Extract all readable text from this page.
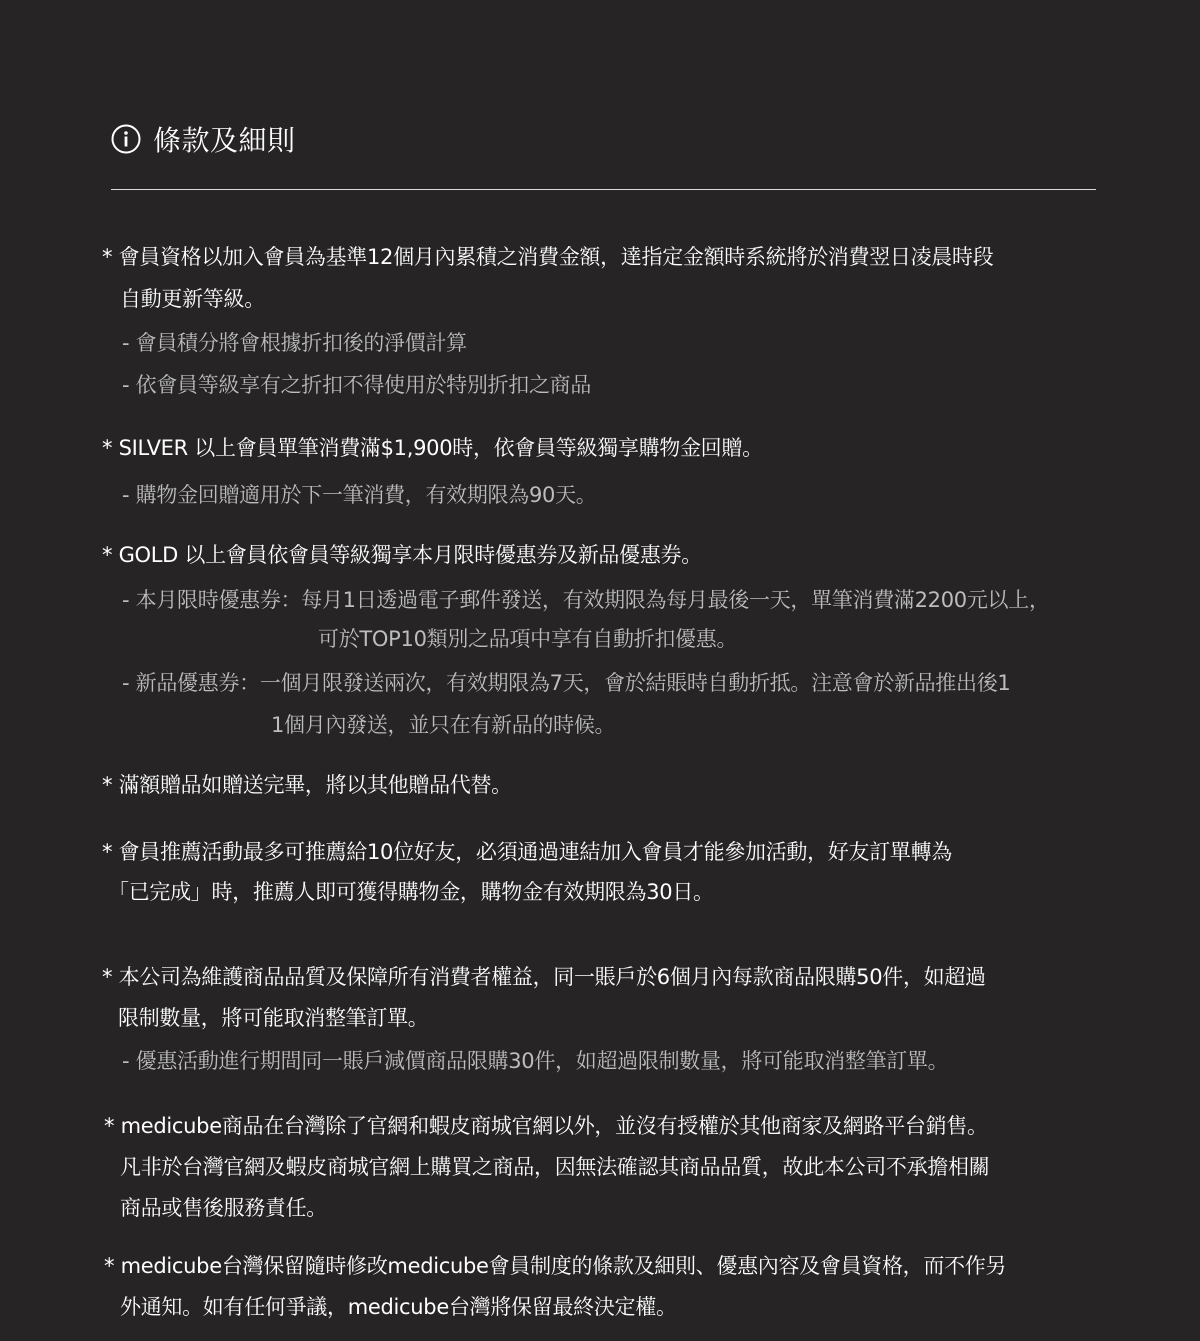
條款及細則
* 會員資格以加入會員為基準12個月內累積之消費金額，達指定金額時系統將於消費翌日凌晨時段
自動更新等級。
- 會員積分將會根據折扣後的淨價計算
- 依會員等級享有之折扣不得使用於特別折扣之商品
* SILVER 以上會員單筆消費滿$1,900時，依會員等級獨享購物金回贈。
- 購物金回贈適用於下一筆消費，有效期限為90天。
* GOLD 以上會員依會員等級獨享本月限時優惠券及新品優惠券。
- 本月限時優惠券：每月1日透過電子郵件發送，有效期限為每月最後一天，單筆消費滿2200元以上，
可於TOP10類別之品項中享有自動折扣優惠。
- 新品優惠券：一個月限發送兩次，有效期限為7天，會於結賬時自動折抵。注意會於新品推出後1
1個月內發送，並只在有新品的時候。
* 滿額贈品如贈送完畢，將以其他贈品代替。
* 會員推薦活動最多可推薦給10位好友，必須通過連結加入會員才能參加活動，好友訂單轉為
「已完成」時，推薦人即可獲得購物金，購物金有效期限為30日。
* 本公司為維護商品品質及保障所有消費者權益，同一賬戶於6個月內每款商品限購50件，如超過
限制數量，將可能取消整筆訂單。
- 優惠活動進行期間同一賬戶減價商品限購30件，如超過限制數量，將可能取消整筆訂單。
* medicube商品在台灣除了官網和蝦皮商城官網以外，並沒有授權於其他商家及網路平台銷售。
凡非於台灣官網及蝦皮商城官網上購買之商品，因無法確認其商品品質，故此本公司不承擔相關
商品或售後服務責任。
* medicube台灣保留隨時修改medicube會員制度的條款及細則、優惠內容及會員資格，而不作另
外通知。如有任何爭議，medicube台灣將保留最終決定權。
